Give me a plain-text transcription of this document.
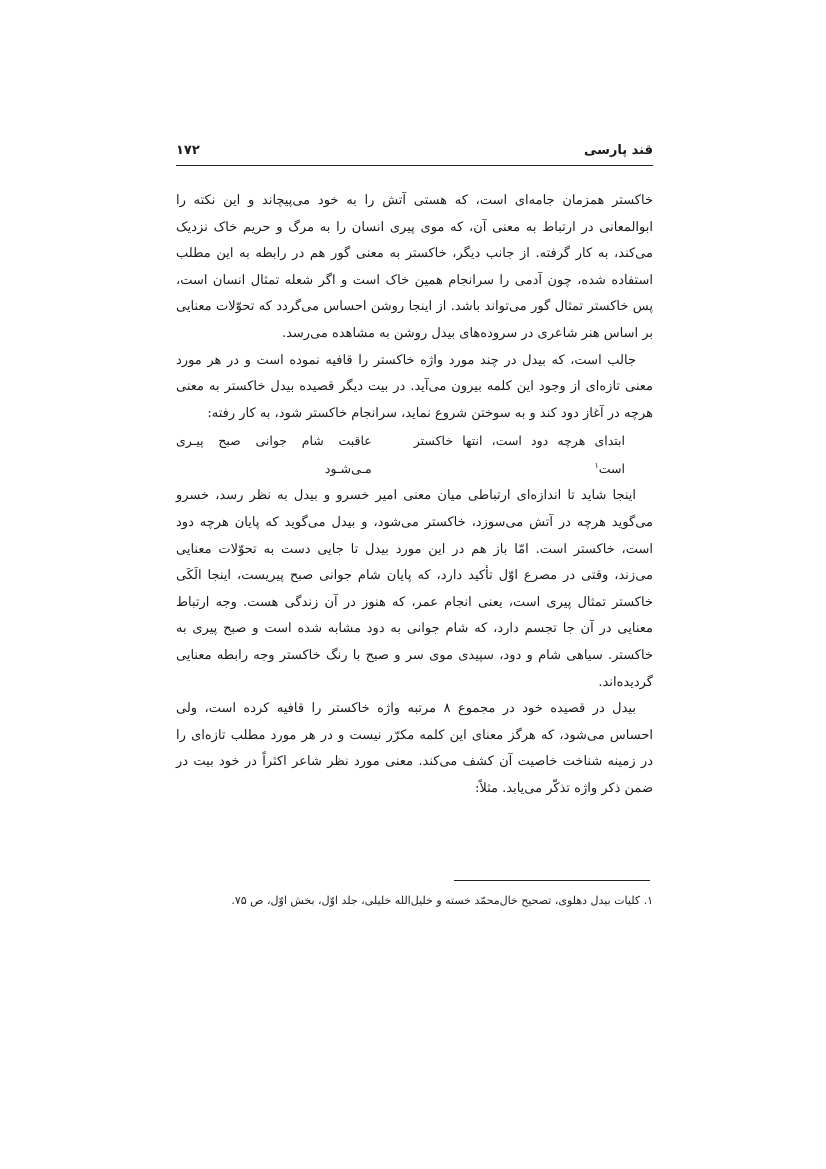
قند پارسی
۱۷۲

خاکستر همزمان جامه‌ای است، که هستی آتش را به خود می‌پیچاند و این نکته را ابوالمعانی در ارتباط به معنی آن، که موی پیری انسان را به مرگ و حریم خاک نزدیک می‌کند، به کار گرفته. از جانب دیگر، خاکستر به معنی گور هم در رابطه به این مطلب استفاده شده، چون آدمی را سرانجام همین خاک است و اگر شعله تمثال انسان است، پس خاکستر تمثال گور می‌تواند باشد. از اینجا روشن احساس می‌گردد که تحوّلات معنایی بر اساس هنر شاعری در سروده‌های بیدل روشن به مشاهده می‌رسد.

جالب است، که بیدل در چند مورد واژه خاکستر را قافیه نموده است و در هر مورد معنی تازه‌ای از وجود این کلمه بیرون می‌آید. در بیت دیگر قصیده بیدل خاکستر به معنی هرچه در آغاز دود کند و به سوختن شروع نماید، سرانجام خاکستر شود، به کار رفته:

ابتدای هرچه دود است، انتها خاکستر است$^۱$
عاقبت شام جوانی صبح پیـری مـی‌شـود

اینجا شاید تا اندازه‌ای ارتباطی میان معنی امیر خسرو و بیدل به نظر رسد، خسرو می‌گوید هرچه در آتش می‌سوزد، خاکستر می‌شود، و بیدل می‌گوید که پایان هرچه دود است، خاکستر است. امّا باز هم در این مورد بیدل تا جایی دست به تحوّلات معنایی می‌زند، وقتی در مصرع اوّل تأکید دارد، که پایان شام جوانی صبح پیریست، اینجا الَکَی خاکستر تمثال پیری است، یعنی انجام عمر، که هنوز در آن زندگی هست. وجه ارتباط معنایی در آن جا تجسم دارد، که شام جوانی به دود مشابه شده است و صبح پیری به خاکستر. سیاهی شام و دود، سپیدی موی سر و صبح با رنگ خاکستر وجه رابطه معنایی گردیده‌اند.

بیدل در قصیده خود در مجموع ۸ مرتبه واژه خاکستر را قافیه کرده است، ولی احساس می‌شود، که هرگز معنای این کلمه مکرّر نیست و در هر مورد مطلب تازه‌ای را در زمینه شناخت خاصیت آن کشف می‌کند. معنی مورد نظر شاعر اکثراً در خود بیت در ضمن ذکر واژه تذکّر می‌یابد. مثلاً:

۱. کلیات بیدل دهلوی، تصحیح خال‌محمّد خسته و خلیل‌الله خلیلی، جلد اوّل، بخش اوّل، ص ۷۵.
